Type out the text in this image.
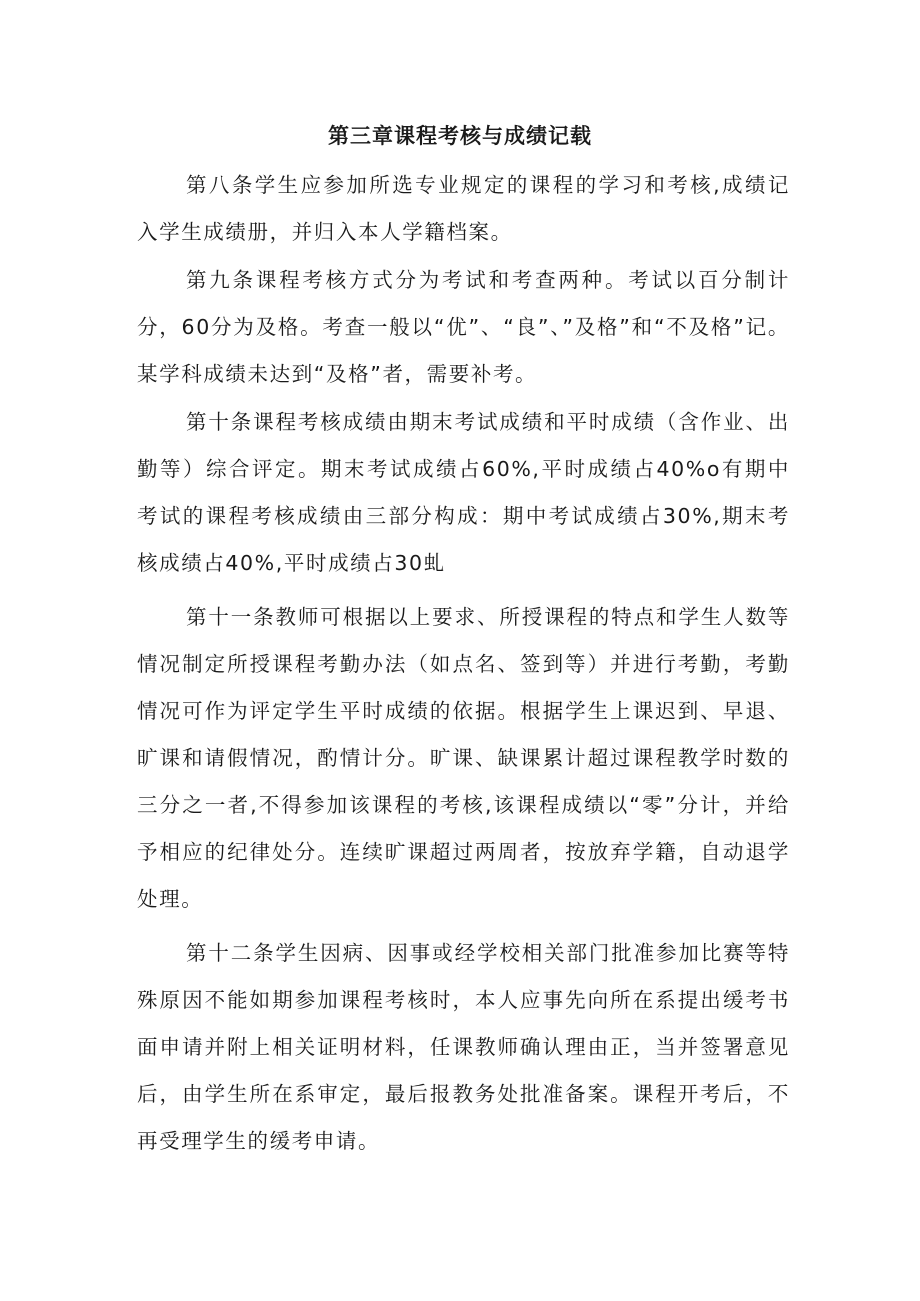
第三章课程考核与成绩记载

第八条学生应参加所选专业规定的课程的学习和考核,成绩记入学生成绩册，并归入本人学籍档案。

第九条课程考核方式分为考试和考查两种。考试以百分制计分，60分为及格。考查一般以“优”、“良”、”及格”和“不及格”记。某学科成绩未达到“及格”者，需要补考。

第十条课程考核成绩由期末考试成绩和平时成绩（含作业、出勤等）综合评定。期末考试成绩占60%,平时成绩占40%o有期中考试的课程考核成绩由三部分构成：期中考试成绩占30%,期末考核成绩占40%,平时成绩占30虬

第十一条教师可根据以上要求、所授课程的特点和学生人数等情况制定所授课程考勤办法（如点名、签到等）并进行考勤，考勤情况可作为评定学生平时成绩的依据。根据学生上课迟到、早退、旷课和请假情况，酌情计分。旷课、缺课累计超过课程教学时数的三分之一者,不得参加该课程的考核,该课程成绩以“零”分计，并给予相应的纪律处分。连续旷课超过两周者，按放弃学籍，自动退学处理。

第十二条学生因病、因事或经学校相关部门批准参加比赛等特殊原因不能如期参加课程考核时，本人应事先向所在系提出缓考书面申请并附上相关证明材料，任课教师确认理由正，当并签署意见后，由学生所在系审定，最后报教务处批准备案。课程开考后，不再受理学生的缓考申请。
